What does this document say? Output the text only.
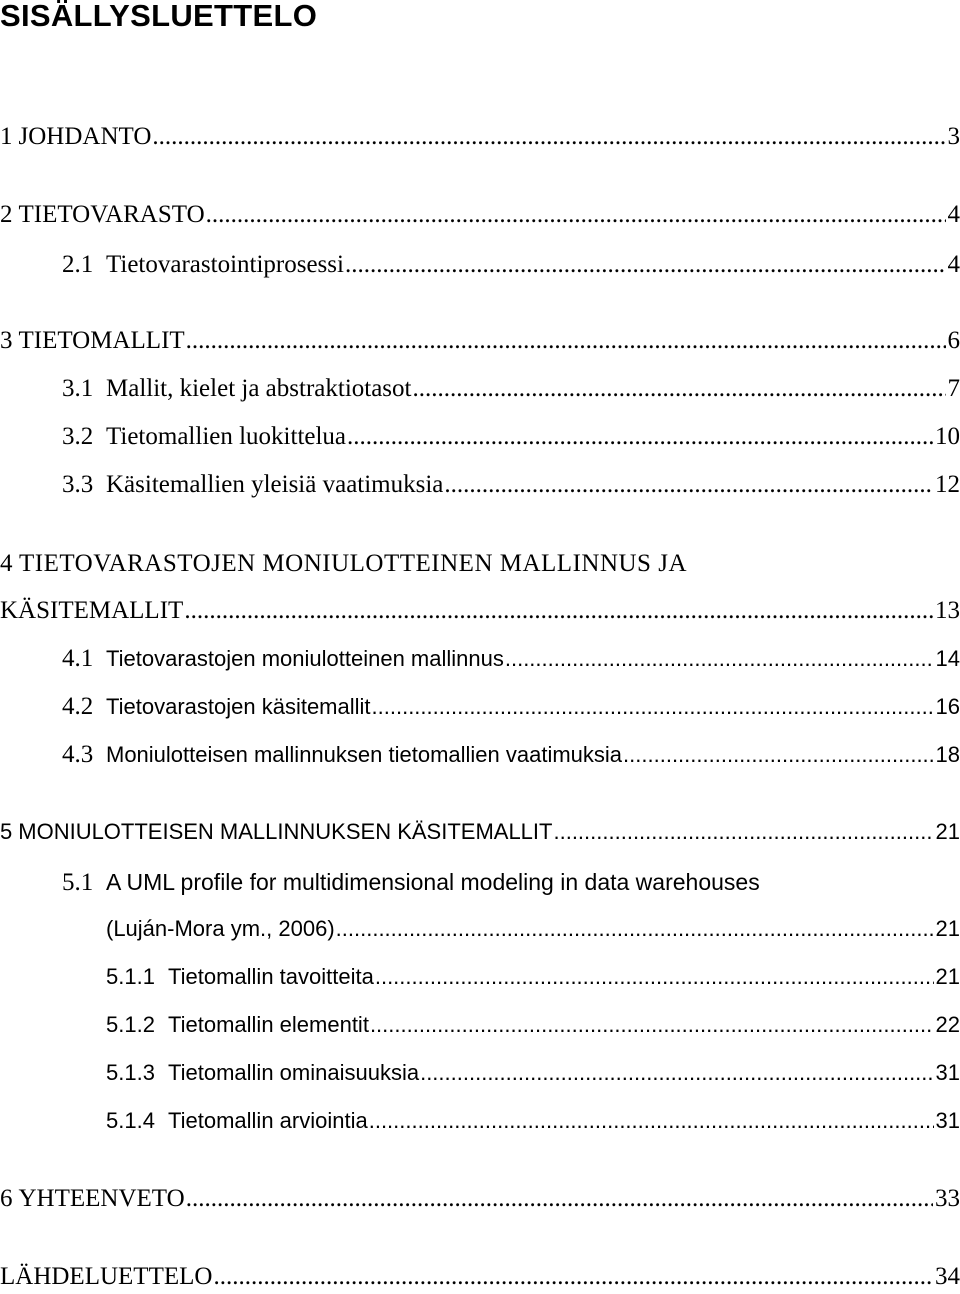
SISÄLLYSLUETTELO
1 JOHDANTO .....	3
2 TIETOVARASTO .....	4
2.1 Tietovarastointiprosessi .....	4
3 TIETOMALLIT .....	6
3.1 Mallit, kielet ja abstraktiotasot .....	7
3.2 Tietomallien luokittelua .....	10
3.3 Käsitemallien yleisiä vaatimuksia .....	12
4 TIETOVARASTOJEN MONIULOTTEINEN MALLINNUS JA
KÄSITEMALLIT .....	13
4.1 Tietovarastojen moniulotteinen mallinnus .....	14
4.2 Tietovarastojen käsitemallit .....	16
4.3 Moniulotteisen mallinnuksen tietomallien vaatimuksia .....	18
5 MONIULOTTEISEN MALLINNUKSEN KÄSITEMALLIT .....	21
5.1 A UML profile for multidimensional modeling in data warehouses
(Luján-Mora ym., 2006) .....	21
5.1.1 Tietomallin tavoitteita .....	21
5.1.2 Tietomallin elementit .....	22
5.1.3 Tietomallin ominaisuuksia .....	31
5.1.4 Tietomallin arviointia .....	31
6 YHTEENVETO .....	33
LÄHDELUETTELO .....	34
